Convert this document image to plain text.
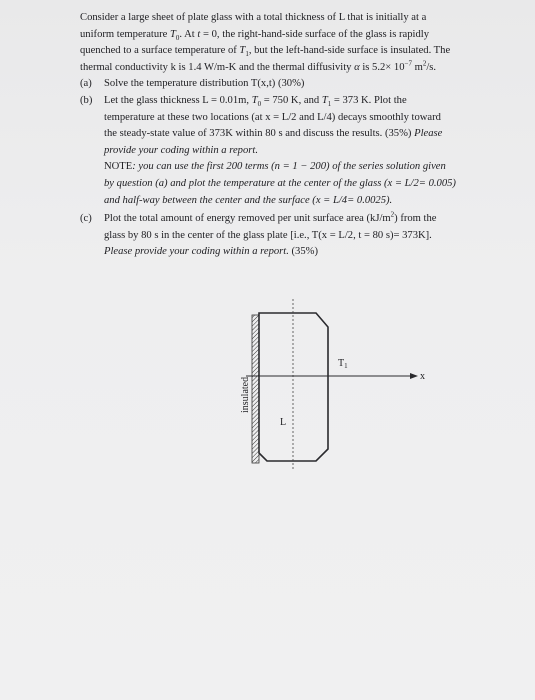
Consider a large sheet of plate glass with a total thickness of L that is initially at a
uniform temperature $T_0$. At t = 0, the right-hand-side surface of the glass is rapidly
quenched to a surface temperature of $T_1$, but the left-hand-side surface is insulated. The
thermal conductivity k is 1.4 W/m-K and the thermal diffusivity α is $5.2\times 10^{-7}$ $m^2/s$.

(a)	Solve the temperature distribution T(x,t) (30%)
(b)	Let the glass thickness L = 0.01m, $T_0 = 750$ K, and $T_1 = 373$ K. Plot the
temperature at these two locations (at x = L/2 and L/4) decays smoothly toward
the steady-state value of 373K within 80 s and discuss the results. (35%) Please
provide your coding within a report.
NOTE: you can use the first 200 terms (n = 1 − 200) of the series solution given
by question (a) and plot the temperature at the center of the glass (x = L/2= 0.005)
and half-way between the center and the surface (x = L/4= 0.0025).
(c)	Plot the total amount of energy removed per unit surface area $(kJ/m^2)$ from the
glass by 80 s in the center of the glass plate [i.e., T(x = L/2, t = 80 s)= 373K].
Please provide your coding within a report. (35%)
insulated
$T_1$
x
L
